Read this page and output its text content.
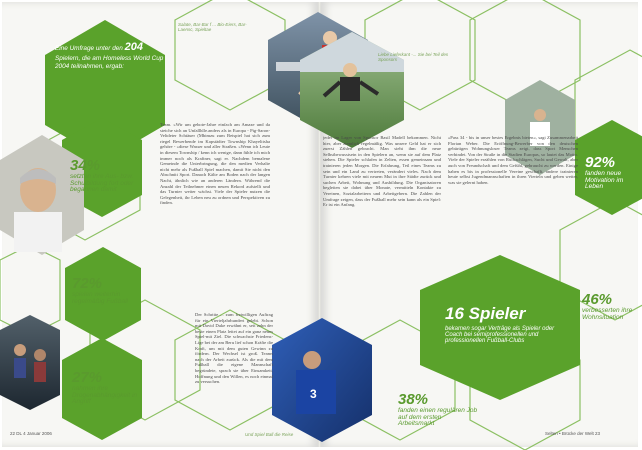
3
Eine Umfrage unter den 204
Spielern, die am Homeless World Cup 2004 teilnahmen, ergab:
Salate, Bar-Bar f ... Bio-Eiers, Bar-Laensc, Spieltae
Liebe Lieferkant -... Sie bei Teil des Sponsors
Und Spiel Ball die Reise
34%
setzten ihre Aus- bzw. Schulbildung fort oder begannen damit
72%
spielen weiterhin regelmäßig Fußball
27%
nahmen ihre Drogenabhängigkeit in Angriff	38%
fanden einen regulären Job auf dem ersten Arbeitsmarkt
92%
fanden neue Motivation im Leben
46%
verbesserten ihre Wohnsituation
16 Spieler
bekamen sogar Verträge als Spieler oder Coach bei semiprofessionellen und professionellen Fußball-Clubs
Team. »Wir um gebote-Jahre einfach am Amaze und da steiche sich an Unfallhlle.anders als in Europa - Pig-Saron-Veltdeter Schtäuer (Mbimzu zum Beispiel hat sich zum riegel Bewerbende im Kapstädter Township Khayelitsha gehöre - »diese Wasser und aller Straßen. »Wenn ich Leute in diesem Township / kenn ich wenige, dann fühle ich mich immer noch als Kraftner, sagt er. Nachdem bemalene Gemeinde die Unterbringung, die den medien Verhalte nicht mehr als Fußball Spiel machen, damit Sie nicht den Abschnitt Sport. Danach Kälte am Boden nach der langen Nacht, ähnlich wie an anderen Ländern. Während die Anzahl der Teilnehmer einen neuen Rekord aufstellt und das Turnier weiter wächst. Viele der Spieler nutzen die Gelegenheit, ihr Leben neu zu ordnen und Perspektiven zu finden.
Der Schritte ... zum freiwilligen Auftrag für ein Vierteljahrhundert gelebt. Schon mit David Duke erwähnt er, seit zehn der beste einen Platz leitet auf ein ganz neues Spiel-mit Ziel. Die schwachste Friedens-Lige bei der am Beru lief schon Kräfte die Kraft, um mit dem guten Gewinn zu fördern. Der Wechsel ist groß. Teams nach der Arbeit zurück. Als die mit dem Fußball die eigene Mannschaft begründete, sprach sie über Einsamkeit, Hoffnung und den Willen, es noch einmal zu versuchen.
jeder im Lager von Sponsor Basil Madell bekommen. Nicht hier, aber ziemlich regelmäßig. Was unsere Geld hat er sich zuerst Zählen gebracht. Man sieht ihm die neue Selbstbewusstsein in den Spielern an, wenn sie auf dem Platz stehen. Die Spieler schlafen in Zelten, essen gemeinsam und trainieren jeden Morgen. Die Erfahrung, Teil eines Teams zu sein und ein Land zu vertreten, verändert vieles. Nach dem Turnier kehren viele mit neuem Mut in ihre Städte zurück und suchen Arbeit, Wohnung und Ausbildung. Die Organisatoren begleiten sie dabei über Monate, vermitteln Kontakte zu Vereinen, Sozialarbeitern und Arbeitgebern. Die Zahlen der Umfrage zeigen, dass der Fußball mehr sein kann als ein Spiel: Er ist ein Anfang.
»Pass 34 - bis in unser bestes Ergebnis bieten«, sagt Zusammenarbeit Florian Weber. Die Eröffnung-Bewerber von den deutschen gebürtigen Wohnungsloser Teams zeigt, dass Sport Menschen verbindet. Von der Straße in die Stadien Europas, so lautet das Motto. Viele der Spieler erzählen von Rückschlägen, Sucht und Gewalt, aber auch von Freundschaft und dem Gefühl, gebraucht zu werden. Einige haben es bis in professionelle Vereine geschafft, andere trainieren heute selbst Jugendmannschaften in ihren Vierteln und geben weiter, was sie gelernt haben.
22 DL 4 Januar 2006	Selten • Brücke der Welt 23
